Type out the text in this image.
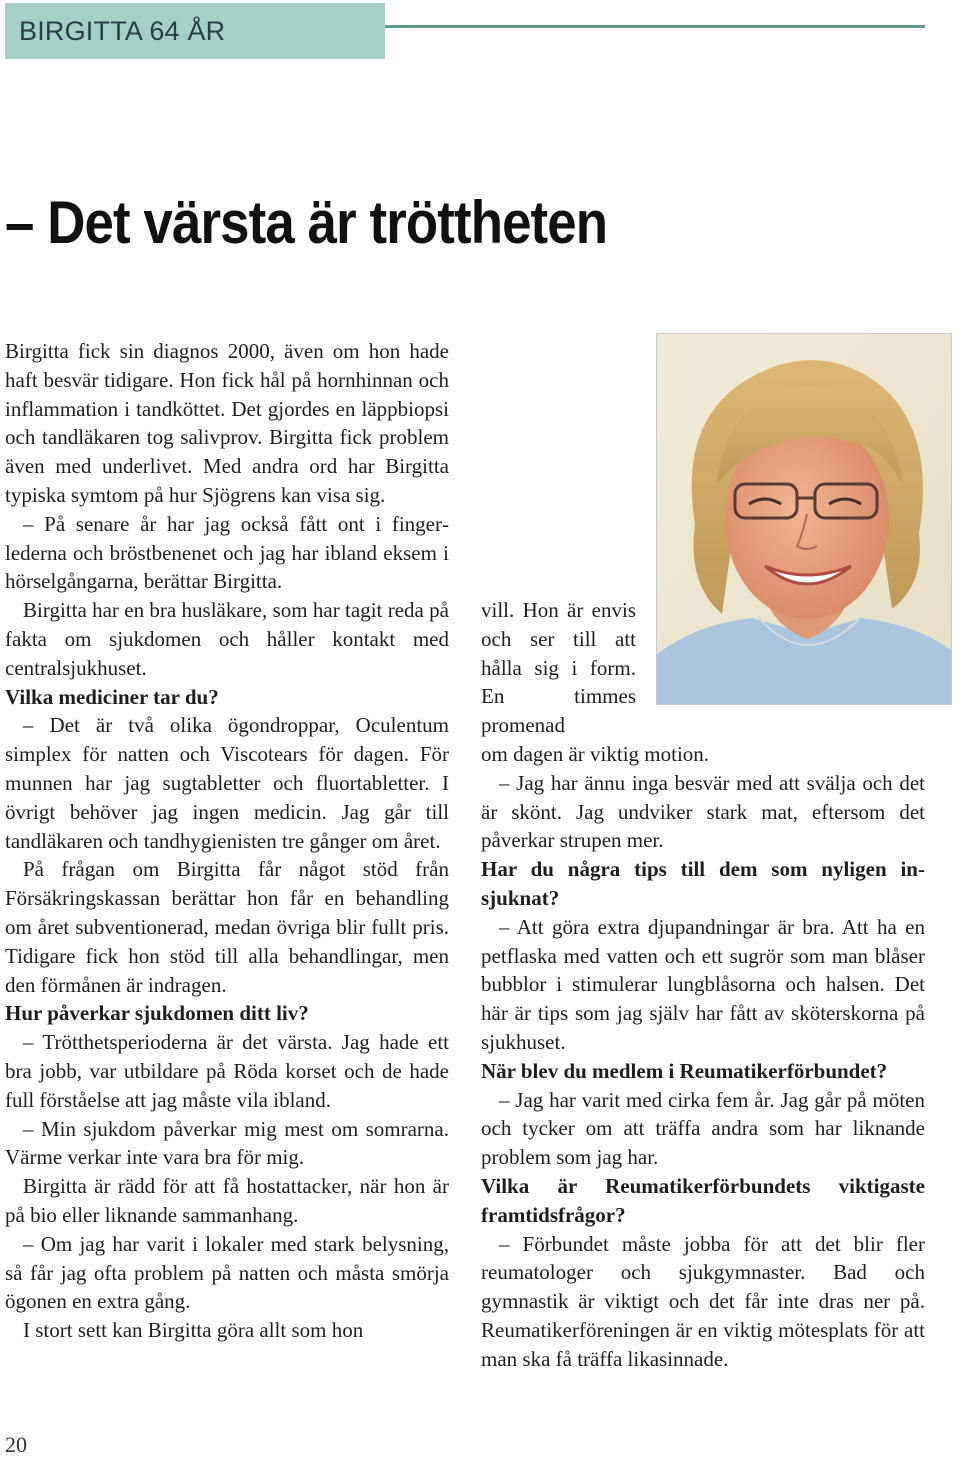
BIRGITTA 64 ÅR
– Det värsta är tröttheten

Birgitta fick sin diagnos 2000, även om hon hade haft besvär tidigare. Hon fick hål på hornhinnan och inflammation i tandköttet. Det gjordes en läppbiopsi och tandläkaren tog salivprov. Birgitta fick problem även med underlivet. Med andra ord har Birgitta typiska symtom på hur Sjögrens kan visa sig.

– På senare år har jag också fått ont i fingerlederna och bröstbenenet och jag har ibland eksem i hörselgångarna, berättar Birgitta.

Birgitta har en bra husläkare, som har tagit reda på fakta om sjukdomen och håller kontakt med centralsjukhuset.

Vilka mediciner tar du?

– Det är två olika ögondroppar, Oculentum simplex för natten och Viscotears för dagen. För munnen har jag sugtabletter och fluortabletter. I övrigt behöver jag ingen medicin. Jag går till tandläkaren och tandhygienisten tre gånger om året.

På frågan om Birgitta får något stöd från Försäkringskassan berättar hon får en behandling om året subventionerad, medan övriga blir fullt pris. Tidigare fick hon stöd till alla behandlingar, men den förmånen är indragen.

Hur påverkar sjukdomen ditt liv?

– Trötthetsperioderna är det värsta. Jag hade ett bra jobb, var utbildare på Röda korset och de hade full förståelse att jag måste vila ibland.

– Min sjukdom påverkar mig mest om somrarna. Värme verkar inte vara bra för mig.

Birgitta är rädd för att få hostattacker, när hon är på bio eller liknande sammanhang.

– Om jag har varit i lokaler med stark belysning, så får jag ofta problem på natten och måsta smörja ögonen en extra gång.

I stort sett kan Birgitta göra allt som hon

vill. Hon är envis och ser till att hålla sig i form. En timmes promenad

om dagen är viktig motion.

– Jag har ännu inga besvär med att svälja och det är skönt. Jag undviker stark mat, eftersom det påverkar strupen mer.

Har du några tips till dem som nyligen insjuknat?

– Att göra extra djupandningar är bra. Att ha en petflaska med vatten och ett sugrör som man blåser bubblor i stimulerar lungblåsorna och halsen. Det här är tips som jag själv har fått av sköterskorna på sjukhuset.

När blev du medlem i Reumatikerförbundet?

– Jag har varit med cirka fem år. Jag går på möten och tycker om att träffa andra som har liknande problem som jag har.

Vilka är Reumatikerförbundets viktigaste framtidsfrågor?

– Förbundet måste jobba för att det blir fler reumatologer och sjukgymnaster. Bad och gymnastik är viktigt och det får inte dras ner på. Reumatikerföreningen är en viktig mötesplats för att man ska få träffa likasinnade.

20
